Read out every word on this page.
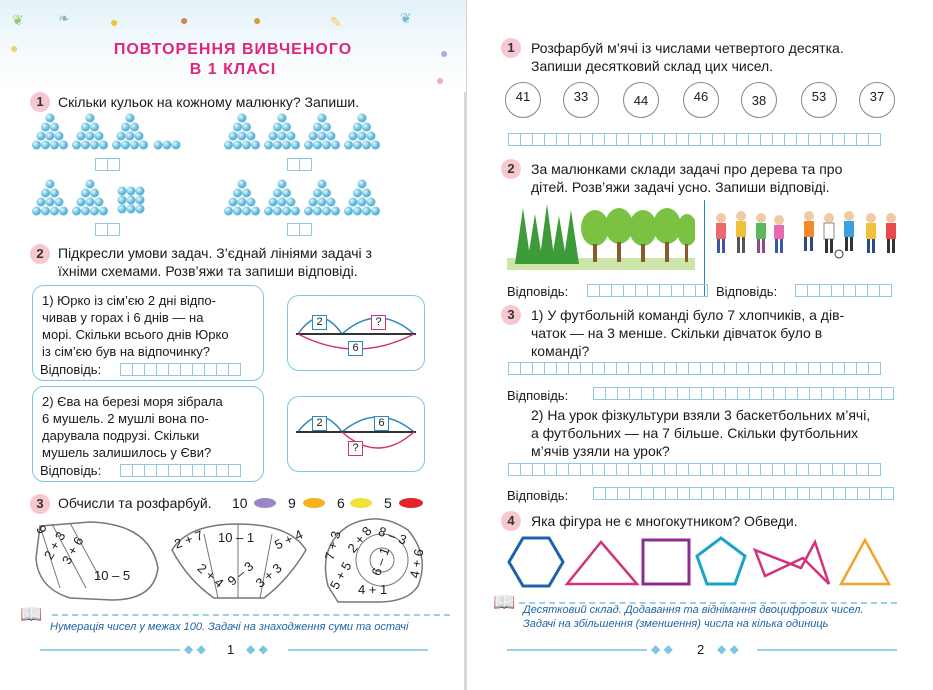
❦ ❧	●	●	●	✎	❦
●	●
●
ПОВТОРЕННЯ ВИВЧЕНОГО
В 1 КЛАСІ
1	Скільки кульок на кожному малюнку? Запиши.
2	Підкресли умови задач. З’єднай лініями задачі з
їхніми схемами. Розв’яжи та запиши відповіді.
1) Юрко із сім’єю 2 дні відпо-
чивав у горах і 6 днів — на
морі. Скільки всього днів Юрко
із сім’єю був на відпочинку?
Відповідь:
2	?
6
2) Єва на березі моря зібрала
6 мушель. 2 мушлі вона по-
дарувала подрузі. Скільки
мушель залишилось у Єви?
Відповідь:
2	6
?
3	Обчисли та розфарбуй. 10	9	6	5
9
2 + 3
3 + 6
10 – 5
2 + 7 10 – 1 5 + 4
2 + 4
9 – 3
3 + 3
7 + 3 2 + 8 8 – 3
6 – 1 4 + 6
5 + 5 4 + 1
📖
Нумерація чисел у межах 100. Задачі на знаходження суми та остачі
◆ ◆ 1 ◆ ◆
1	Розфарбуй м’ячі із числами четвертого десятка.
Запиши десятковий склад цих чисел.
41	33	44	46	38	53	37
2	За малюнками склади задачі про дерева та про
дітей. Розв’яжи задачі усно. Запиши відповіді.
Відповідь:	Відповідь:
3	1) У футбольній команді було 7 хлопчиків, а дів-
чаток — на 3 менше. Скільки дівчаток було в
команді?
Відповідь:
2) На урок фізкультури взяли 3 баскетбольних м’ячі,
а футбольних — на 7 більше. Скільки футбольних
м’ячів узяли на урок?
Відповідь:
4	Яка фігура не є многокутником? Обведи.
📖 Десятковий склад. Додавання та віднімання двоцифрових чисел.
Задачі на збільшення (зменшення) числа на кілька одиниць
◆ ◆ 2 ◆ ◆
